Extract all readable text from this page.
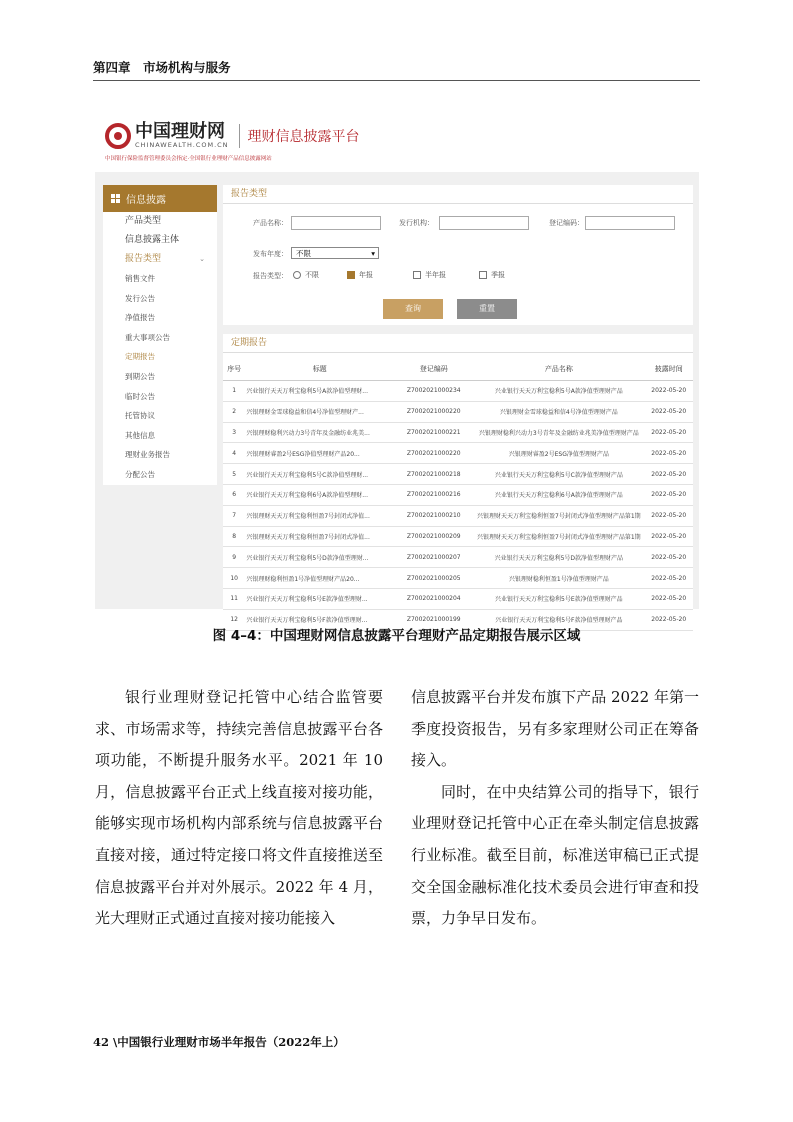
第四章　市场机构与服务
中国理财网
CHINAWEALTH.COM.CN 理财信息披露平台
中国银行保险监督管理委员会指定·全国银行业理财产品信息披露网站
信息披露
产品类型
信息披露主体
报告类型	⌄
销售文件
发行公告
净值报告
重大事项公告
定期报告
到期公告
临时公告
托管协议
其他信息
理财业务报告
分配公告
报告类型
产品名称：	发行机构：	登记编码：
发布年度：	不限	▾
报告类型： 不限	年报	半年报	季报
查询	重置
定期报告
序号	标题	登记编码	产品名称	披露时间
1	兴业银行天天万利宝稳利5号A款净值型理财...	Z7002021000234	兴业银行天天万利宝稳利5号A款净值型理财产品	2022-05-20
2	兴银理财金雪球稳益和信4号净值型理财产...	Z7002021000220	兴银理财金雪球稳益和信4号净值型理财产品	2022-05-20
3	兴银理财稳利兴动力3号青年及金融纺业兆美...	Z7002021000221	兴银理财稳利兴动力3号青年及金融纺业兆美净值型理财产品	2022-05-20
4	兴银理财睿盈2号ESG净值型理财产品20...	Z7002021000220	兴银理财睿盈2号ESG净值型理财产品	2022-05-20
5	兴业银行天天万利宝稳利5号C款净值型理财...	Z7002021000218	兴业银行天天万利宝稳利5号C款净值型理财产品	2022-05-20
6	兴业银行天天万利宝稳利6号A款净值型理财...	Z7002021000216	兴业银行天天万利宝稳利6号A款净值型理财产品	2022-05-20
7	兴银理财天天万利宝稳利恒盈7号封闭式净值...	Z7002021000210	兴银理财天天万利宝稳利恒盈7号封闭式净值型理财产品第1期	2022-05-20
8	兴银理财天天万利宝稳利恒盈7号封闭式净值...	Z7002021000209	兴银理财天天万利宝稳利恒盈7号封闭式净值型理财产品第1期	2022-05-20
9	兴业银行天天万利宝稳利5号D款净值型理财...	Z7002021000207	兴业银行天天万利宝稳利5号D款净值型理财产品	2022-05-20
10	兴银理财稳利恒盈1号净值型理财产品20...	Z7002021000205	兴银理财稳利恒盈1号净值型理财产品	2022-05-20
11	兴业银行天天万利宝稳利5号E款净值型理财...	Z7002021000204	兴业银行天天万利宝稳利5号E款净值型理财产品	2022-05-20
12	兴业银行天天万利宝稳利5号F款净值型理财...	Z7002021000199	兴业银行天天万利宝稳利5号F款净值型理财产品	2022-05-20
图 4–4：中国理财网信息披露平台理财产品定期报告展示区域

银行业理财登记托管中心结合监管要求、市场需求等，持续完善信息披露平台各项功能，不断提升服务水平。2021 年 10 月，信息披露平台正式上线直接对接功能，能够实现市场机构内部系统与信息披露平台直接对接，通过特定接口将文件直接推送至信息披露平台并对外展示。2022 年 4 月，光大理财正式通过直接对接功能接入

信息披露平台并发布旗下产品 2022 年第一季度投资报告，另有多家理财公司正在筹备接入。

同时，在中央结算公司的指导下，银行业理财登记托管中心正在牵头制定信息披露行业标准。截至目前，标准送审稿已正式提交全国金融标准化技术委员会进行审查和投票，力争早日发布。

42 \中国银行业理财市场半年报告（2022年上）
